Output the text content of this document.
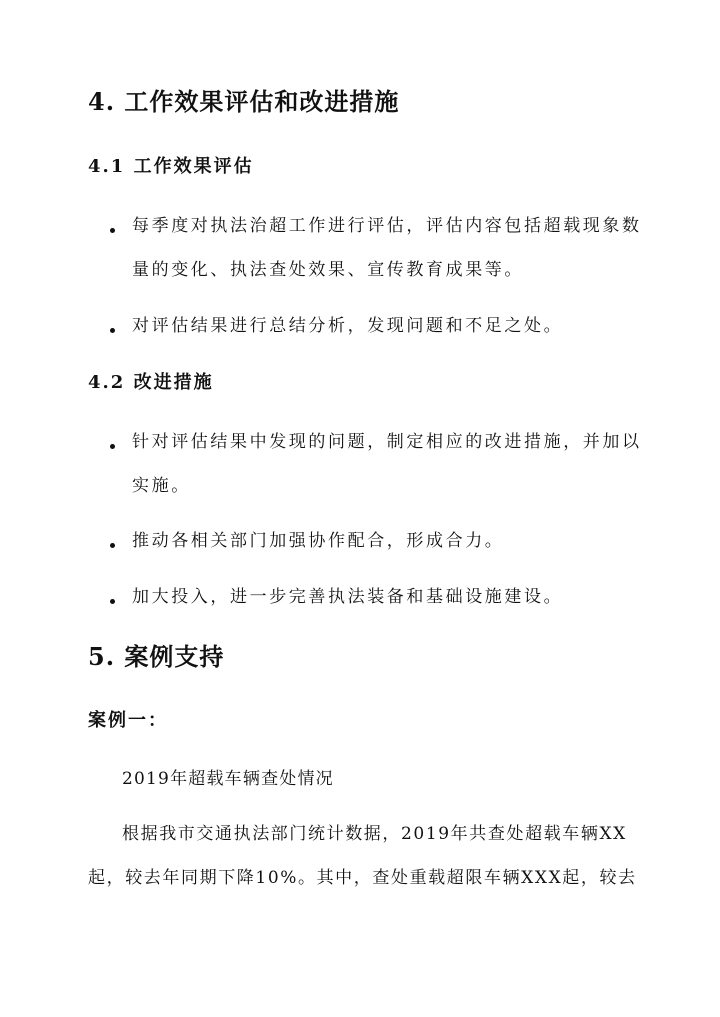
4. 工作效果评估和改进措施
4.1 工作效果评估
每季度对执法治超工作进行评估，评估内容包括超载现象数
量的变化、执法查处效果、宣传教育成果等。
对评估结果进行总结分析，发现问题和不足之处。
4.2 改进措施
针对评估结果中发现的问题，制定相应的改进措施，并加以
实施。
推动各相关部门加强协作配合，形成合力。
加大投入，进一步完善执法装备和基础设施建设。
5. 案例支持
案例一：
2019年超载车辆查处情况
根据我市交通执法部门统计数据，2019年共查处超载车辆XX
起，较去年同期下降10%。其中，查处重载超限车辆XXX起，较去
